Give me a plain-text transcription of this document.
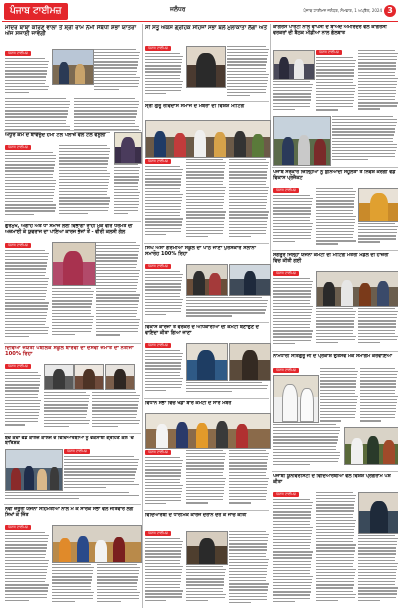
ਪੰਜਾਬ ਟਾਈਮਜ਼	ਜਲੰਧਰ	ਪੰਜਾਬ ਟਾਈਮਜ਼ ਜਲੰਧਰ, ਸੋਮਵਾਰ, 1 ਅਪ੍ਰੈਲ, 2024 3
ਮੰਦਿਰ ਬਾਬਾ ਕਰਿਣ ਵਾਲਾ ਤੋਂ ਸ਼੍ਰੀ ਰਾਮ ਨੌਮੀ ਸੰਬੰਧੀ ਸ਼ੋਭਾ ਯਾਤਰਾ ਅੱਜ ਸਜਾਈ ਜਾਵੇਗੀ
ਪੰਜਾਬ ਟਾਈਮਜ਼
ਅਧੂਰੇ ਕੰਮ ਦੇ ਬਾਵਜੂਦ ਹਮੀ ਟੋਲ ਪਲਾਜ਼ੇ ਵਲੋਂ ਟੋਲ ਵਸੂਲੀ
ਪੰਜਾਬ ਟਾਈਮਜ਼
ਗੁਰਮੁਖ, ਅਗਾਂਹ ਅਤੇ ਧਾਂ ਸਮਾਜ ਲਈ ਵਿਭਾਗਾਂ ਰਾਹੀਂ ਮੁਕ ਵੀਰ ਧਰਮਤ ਦੀ ਅਜ਼ਮਾਈ ਕੇ ਯੁਵਰਾਜ ਦਾ ਪਾਇਆ ਕਾਰਜ ਭੇਜਾਂ ਤੋਂ - ਵੀਰੀ ਕਲਸੀ ਗੱਲ
ਪੰਜਾਬ ਟਾਈਮਜ਼
ਦਿਵਿਆ ਜਯੋਤੀ ਪਬਲਿਕ ਸਕੂਲ ਬਾਰਵੀਂ ਦਾ ਦਸਵੀਂ ਜਮਾਤ ਦਾ ਨਤੀਜਾ 100% ਰਿਹਾ
ਪੰਜਾਬ ਟਾਈਮਜ਼
ਬੱਚੇ ਕਦਾ ਵੱਡ ਕਾਲਜ ਕਾਲਜ ਦੇ ਵਿਦਿਆਰਥੀਆਂ ਨੂੰ ਵਕਸਾਈ ਗ੍ਰਹਿਣ ਕਲੇ 'ਚ ਬਾਰਿਸ਼ਕ
ਪੰਜਾਬ ਟਾਈਮਜ਼
ਨਵੀਂ ਜ਼ਰੂਰੀ ਯੋਜਨਾ ਸਹਿਮਤੀਆਂ ਨਾਲ ਮੈਂ ਕੇ ਸਾਰਕ ਸਭਾ ਵਲੋਂ ਜੀਤਵਾਰ ਲੱਗ ਸਿਖਾਂ ਕੇ ਜਿੱਤ
ਪੰਜਾਬ ਟਾਈਮਜ਼
ਸੀ ਸਤੂ ਐਕਸ ਗ੍ਰਹਿਕ ਸਹਿਜਾਂ ਸਭਾ ਬਲੋਂ ਮੁਲਾਕਾਤਾ ਲੱਗਾ ਅਤੇ
ਪੰਜਾਬ ਟਾਈਮਜ਼
ਸ੍ਰੀ ਗੁਰੂ ਰਵਿਦਾਸ ਸਮਾਜ ਦੇ ਮੈਂਬਰਾਂ ਦੀ ਵਿਸ਼ੇਸ਼ ਮੀਟਿੰਗ
ਪੰਜਾਬ ਟਾਈਮਜ਼
ਸਿੰਘ ਐਸਾ ਗਰਮੀਆਂ ਸਕੂਲ ਦਾ ਪਾਠ ਜਾਣਾ ਪੁਰਸਕਾਰ ਸਲਾਨਾ ਸਮਾਰੋਹ 100% ਰਿਹਾ
ਪੰਜਾਬ ਟਾਈਮਜ਼
ਵਿਕਾਸ ਕਾਰਜਾਂ ਤੋਂ ਵਰਕਰ ਦੇ ਅਧਿਕਾਰੀਆਂ ਦੀ ਕਮੇਟੀ ਬਣਾਉਣ ਦੇ ਵਾਇਦਾ ਕੀਤਾ ਗਿਆ ਜਾਣਾ
ਪੰਜਾਬ ਟਾਈਮਜ਼
ਵਿਧਾਨ ਸਭਾ ਵਿਚ ਖੇਡਾਂ ਬਾਰੇ ਕਮੇਟੀ ਦੇ ਸਾਰੇ ਮੈਂਬਰ
ਪੰਜਾਬ ਟਾਈਮਜ਼
ਵਿਦਿਆਰਥੀ ਦੇ ਧਾਰਮਿਕ ਕਾਰਜ ਦੌਰਾਨ ਦੌਰ ਕੇ ਜਾਂਚ ਕੀਤੀ
ਪੰਜਾਬ ਟਾਈਮਜ਼
ਕਾਂਗਰਸ ਪਾਰਟੀ ਨਾਲ ਵਾਪਸੀ ਦੇ ਬਾਅਦ ਅਮਰਿੰਦਰ ਵਲੋਂ ਕਾਂਗਰਸੀ ਵਰਕਰਾਂ ਦੀ ਬੈਠਕ ਮੀਡੀਆ ਨਾਲ ਗੱਲਬਾਤ
ਪੰਜਾਬ ਟਾਈਮਜ਼
ਪੰਜਾਬ ਸਰਕਾਰ ਜ਼ਿਲ੍ਹਿਆਂ ਨੂੰ ਬੁਨਿਆਦੀ ਸਹੂਲਤਾਂ ਤੇ ਨਿਵੇਸ਼ ਕਰੇਗੀ ਵੱਡੇ ਵਿਕਾਸ ਪ੍ਰੋਜੈਕਟ
ਪੰਜਾਬ ਟਾਈਮਜ਼
ਸੰਗਰੂਰ ਜਿਲ੍ਹਾ ਯੋਜਨਾ ਕਮੇਟੀ ਦੀ ਮੀਟਿੰਗ ਮੰਤਰੀ ਮੰਡਲ ਦੀ ਹਾਜ਼ਰੀ ਵਿਚ ਕੀਤੀ ਗਈ
ਪੰਜਾਬ ਟਾਈਮਜ਼
ਨਾਮਧਾਰੀ ਸਤਿਗੁਰੂ ਜੀ ਦੇ ਪ੍ਰਕਾਸ਼ ਉਤਸਵ ਮੌਕੇ ਸਮਾਗਮ ਕਰਵਾਇਆ
ਪੰਜਾਬ ਟਾਈਮਜ਼
ਪੰਜਾਬੀ ਯੂਨੀਵਰਸਿਟੀ ਦੇ ਵਿਦਿਆਰਥੀਆਂ ਵਲੋਂ ਵਿਸ਼ੇਸ਼ ਪ੍ਰੋਗਰਾਮ ਪੇਸ਼ ਕੀਤਾ
ਪੰਜਾਬ ਟਾਈਮਜ਼
